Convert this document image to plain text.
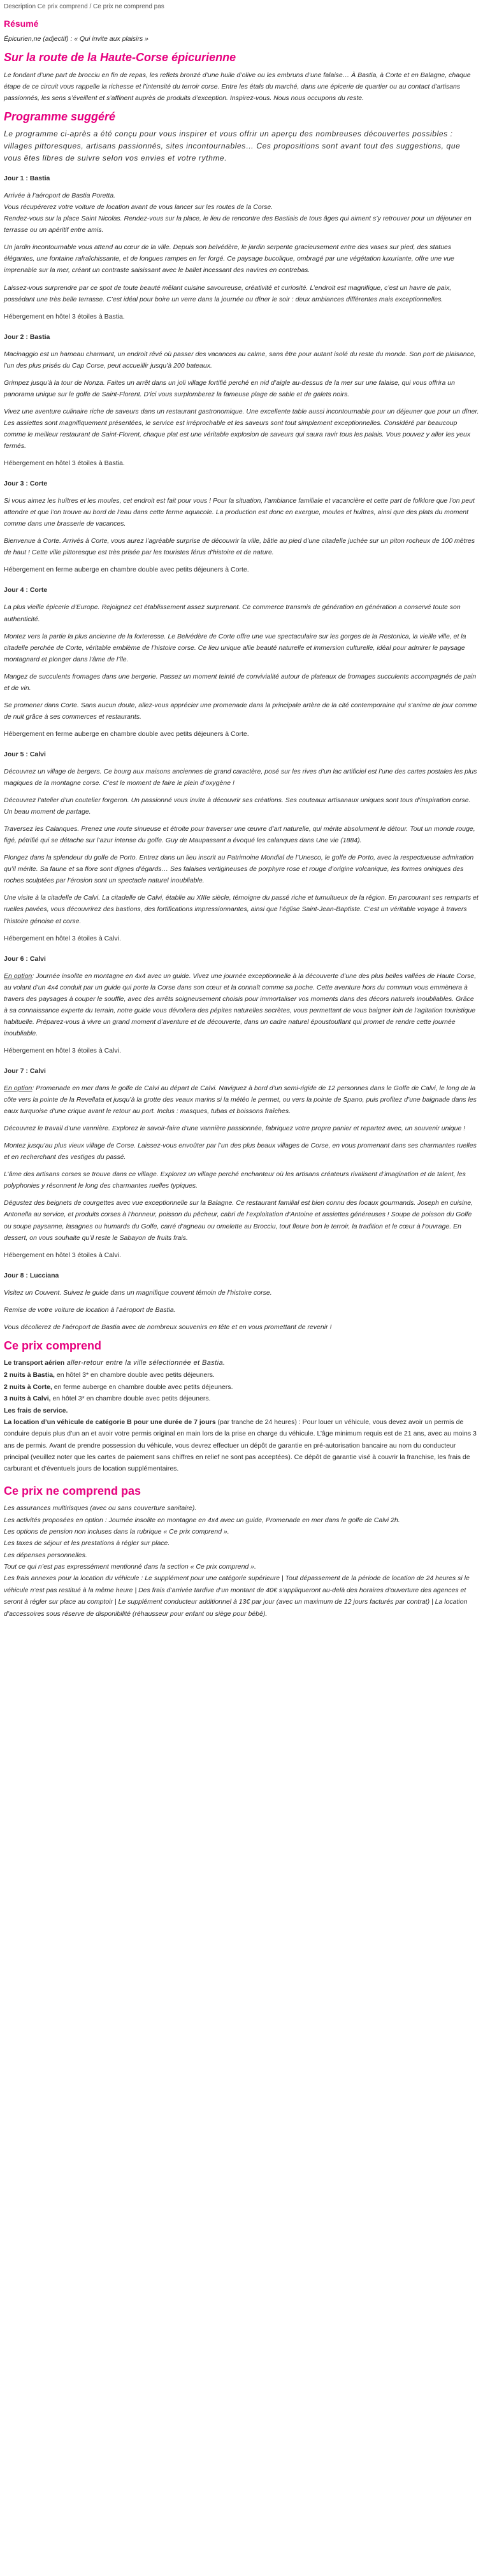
Description Ce prix comprend / Ce prix ne comprend pas
Résumé
Épicurien,ne (adjectif) : « Qui invite aux plaisirs »
Sur la route de la Haute-Corse épicurienne

Le fondant d’une part de brocciu en fin de repas, les reflets bronzé d’une huile d’olive ou les embruns d’une falaise… À Bastia, à Corte et en Balagne, chaque étape de ce circuit vous rappelle la richesse et l’intensité du terroir corse. Entre les étals du marché, dans une épicerie de quartier ou au contact d’artisans passionnés, les sens s’éveillent et s’affinent auprès de produits d’exception. Inspirez-vous. Nous nous occupons du reste.

Programme suggéré

Le programme ci-après a été conçu pour vous inspirer et vous offrir un aperçu des nombreuses découvertes possibles : villages pittoresques, artisans passionnés, sites incontournables… Ces propositions sont avant tout des suggestions, que vous êtes libres de suivre selon vos envies et votre rythme.

Jour 1 : Bastia

Arrivée à l’aéroport de Bastia Poretta.
Vous récupérerez votre voiture de location avant de vous lancer sur les routes de la Corse.
Rendez-vous sur la place Saint Nicolas. Rendez-vous sur la place, le lieu de rencontre des Bastiais de tous âges qui aiment s’y retrouver pour un déjeuner en terrasse ou un apéritif entre amis.

Un jardin incontournable vous attend au cœur de la ville. Depuis son belvédère, le jardin serpente gracieusement entre des vases sur pied, des statues élégantes, une fontaine rafraîchissante, et de longues rampes en fer forgé. Ce paysage bucolique, ombragé par une végétation luxuriante, offre une vue imprenable sur la mer, créant un contraste saisissant avec le ballet incessant des navires en contrebas.

Laissez-vous surprendre par ce spot de toute beauté mêlant cuisine savoureuse, créativité et curiosité. L’endroit est magnifique, c’est un havre de paix, possédant une très belle terrasse. C’est idéal pour boire un verre dans la journée ou dîner le soir : deux ambiances différentes mais exceptionnelles.

Hébergement en hôtel 3 étoiles à Bastia.

Jour 2 : Bastia

Macinaggio est un hameau charmant, un endroit rêvé où passer des vacances au calme, sans être pour autant isolé du reste du monde. Son port de plaisance, l’un des plus prisés du Cap Corse, peut accueillir jusqu’à 200 bateaux.

Grimpez jusqu’à la tour de Nonza. Faites un arrêt dans un joli village fortifié perché en nid d’aigle au-dessus de la mer sur une falaise, qui vous offrira un panorama unique sur le golfe de Saint-Florent. D’ici vous surplomberez la fameuse plage de sable et de galets noirs.

Vivez une aventure culinaire riche de saveurs dans un restaurant gastronomique. Une excellente table aussi incontournable pour un déjeuner que pour un dîner. Les assiettes sont magnifiquement présentées, le service est irréprochable et les saveurs sont tout simplement exceptionnelles. Considéré par beaucoup comme le meilleur restaurant de Saint-Florent, chaque plat est une véritable explosion de saveurs qui saura ravir tous les palais. Vous pouvez y aller les yeux fermés.

Hébergement en hôtel 3 étoiles à Bastia.

Jour 3 : Corte

Si vous aimez les huîtres et les moules, cet endroit est fait pour vous ! Pour la situation, l’ambiance familiale et vacancière et cette part de folklore que l’on peut attendre et que l’on trouve au bord de l’eau dans cette ferme aquacole. La production est donc en exergue, moules et huîtres, ainsi que des plats du moment comme dans une brasserie de vacances.

Bienvenue à Corte. Arrivés à Corte, vous aurez l’agréable surprise de découvrir la ville, bâtie au pied d’une citadelle juchée sur un piton rocheux de 100 mètres de haut ! Cette ville pittoresque est très prisée par les touristes férus d’histoire et de nature.

Hébergement en ferme auberge en chambre double avec petits déjeuners à Corte.

Jour 4 : Corte

La plus vieille épicerie d’Europe. Rejoignez cet établissement assez surprenant. Ce commerce transmis de génération en génération a conservé toute son authenticité.

Montez vers la partie la plus ancienne de la forteresse. Le Belvédère de Corte offre une vue spectaculaire sur les gorges de la Restonica, la vieille ville, et la citadelle perchée de Corte, véritable emblème de l’histoire corse. Ce lieu unique allie beauté naturelle et immersion culturelle, idéal pour admirer le paysage montagnard et plonger dans l’âme de l’île.

Mangez de succulents fromages dans une bergerie. Passez un moment teinté de convivialité autour de plateaux de fromages succulents accompagnés de pain et de vin.

Se promener dans Corte. Sans aucun doute, allez-vous apprécier une promenade dans la principale artère de la cité contemporaine qui s’anime de jour comme de nuit grâce à ses commerces et restaurants.

Hébergement en ferme auberge en chambre double avec petits déjeuners à Corte.

Jour 5 : Calvi

Découvrez un village de bergers. Ce bourg aux maisons anciennes de grand caractère, posé sur les rives d’un lac artificiel est l’une des cartes postales les plus magiques de la montagne corse. C’est le moment de faire le plein d’oxygène !

Découvrez l’atelier d’un coutelier forgeron. Un passionné vous invite à découvrir ses créations. Ses couteaux artisanaux uniques sont tous d’inspiration corse. Un beau moment de partage.

Traversez les Calanques. Prenez une route sinueuse et étroite pour traverser une œuvre d’art naturelle, qui mérite absolument le détour. Tout un monde rouge, figé, pétrifié qui se détache sur l’azur intense du golfe. Guy de Maupassant a évoqué les calanques dans Une vie (1884).

Plongez dans la splendeur du golfe de Porto. Entrez dans un lieu inscrit au Patrimoine Mondial de l’Unesco, le golfe de Porto, avec la respectueuse admiration qu’il mérite. Sa faune et sa flore sont dignes d’égards… Ses falaises vertigineuses de porphyre rose et rouge d’origine volcanique, les formes oniriques des roches sculptées par l’érosion sont un spectacle naturel inoubliable.

Une visite à la citadelle de Calvi. La citadelle de Calvi, établie au XIIIe siècle, témoigne du passé riche et tumultueux de la région. En parcourant ses remparts et ruelles pavées, vous découvrirez des bastions, des fortifications impressionnantes, ainsi que l’église Saint-Jean-Baptiste. C’est un véritable voyage à travers l’histoire génoise et corse.

Hébergement en hôtel 3 étoiles à Calvi.

Jour 6 : Calvi

En option: Journée insolite en montagne en 4x4 avec un guide. Vivez une journée exceptionnelle à la découverte d’une des plus belles vallées de Haute Corse, au volant d’un 4x4 conduit par un guide qui porte la Corse dans son cœur et la connaît comme sa poche. Cette aventure hors du commun vous emmènera à travers des paysages à couper le souffle, avec des arrêts soigneusement choisis pour immortaliser vos moments dans des décors naturels inoubliables. Grâce à sa connaissance experte du terrain, notre guide vous dévoilera des pépites naturelles secrètes, vous permettant de vous baigner loin de l’agitation touristique habituelle. Préparez-vous à vivre un grand moment d’aventure et de découverte, dans un cadre naturel époustouflant qui promet de rendre cette journée inoubliable.

Hébergement en hôtel 3 étoiles à Calvi.

Jour 7 : Calvi

En option: Promenade en mer dans le golfe de Calvi au départ de Calvi. Naviguez à bord d’un semi-rigide de 12 personnes dans le Golfe de Calvi, le long de la côte vers la pointe de la Revellata et jusqu’à la grotte des veaux marins si la météo le permet, ou vers la pointe de Spano, puis profitez d’une baignade dans les eaux turquoise d’une crique avant le retour au port. Inclus : masques, tubas et boissons fraîches.

Découvrez le travail d’une vannière. Explorez le savoir-faire d’une vannière passionnée, fabriquez votre propre panier et repartez avec, un souvenir unique !

Montez jusqu’au plus vieux village de Corse. Laissez-vous envoûter par l’un des plus beaux villages de Corse, en vous promenant dans ses charmantes ruelles et en recherchant des vestiges du passé.

L’âme des artisans corses se trouve dans ce village. Explorez un village perché enchanteur où les artisans créateurs rivalisent d’imagination et de talent, les polyphonies y résonnent le long des charmantes ruelles typiques.

Dégustez des beignets de courgettes avec vue exceptionnelle sur la Balagne. Ce restaurant familial est bien connu des locaux gourmands. Joseph en cuisine, Antonella au service, et produits corses à l’honneur, poisson du pêcheur, cabri de l’exploitation d’Antoine et assiettes généreuses ! Soupe de poisson du Golfe ou soupe paysanne, lasagnes ou humards du Golfe, carré d’agneau ou omelette au Brocciu, tout fleure bon le terroir, la tradition et le cœur à l’ouvrage. En dessert, on vous souhaite qu’il reste le Sabayon de fruits frais.

Hébergement en hôtel 3 étoiles à Calvi.

Jour 8 : Lucciana

Visitez un Couvent. Suivez le guide dans un magnifique couvent témoin de l’histoire corse.

Remise de votre voiture de location à l’aéroport de Bastia.

Vous décollerez de l’aéroport de Bastia avec de nombreux souvenirs en tête et en vous promettant de revenir !

Ce prix comprend

Le transport aérien aller-retour entre la ville sélectionnée et Bastia.

2 nuits à Bastia, en hôtel 3* en chambre double avec petits déjeuners.

2 nuits à Corte, en ferme auberge en chambre double avec petits déjeuners.

3 nuits à Calvi, en hôtel 3* en chambre double avec petits déjeuners.

Les frais de service.

La location d’un véhicule de catégorie B pour une durée de 7 jours (par tranche de 24 heures) : Pour louer un véhicule, vous devez avoir un permis de conduire depuis plus d’un an et avoir votre permis original en main lors de la prise en charge du véhicule. L’âge minimum requis est de 21 ans, avec au moins 3 ans de permis. Avant de prendre possession du véhicule, vous devrez effectuer un dépôt de garantie en pré-autorisation bancaire au nom du conducteur principal (veuillez noter que les cartes de paiement sans chiffres en relief ne sont pas acceptées). Ce dépôt de garantie visé à couvrir la franchise, les frais de carburant et d’éventuels jours de location supplémentaires.

Ce prix ne comprend pas

Les assurances multirisques (avec ou sans couverture sanitaire).

Les activités proposées en option : Journée insolite en montagne en 4x4 avec un guide, Promenade en mer dans le golfe de Calvi 2h.

Les options de pension non incluses dans la rubrique « Ce prix comprend ».

Les taxes de séjour et les prestations à régler sur place.

Les dépenses personnelles.

Tout ce qui n’est pas expressément mentionné dans la section « Ce prix comprend ».

Les frais annexes pour la location du véhicule : Le supplément pour une catégorie supérieure | Tout dépassement de la période de location de 24 heures si le véhicule n’est pas restitué à la même heure | Des frais d’arrivée tardive d’un montant de 40€ s’appliqueront au-delà des horaires d’ouverture des agences et seront à régler sur place au comptoir | Le supplément conducteur additionnel à 13€ par jour (avec un maximum de 12 jours facturés par contrat) | La location d’accessoires sous réserve de disponibilité (réhausseur pour enfant ou siège pour bébé).
